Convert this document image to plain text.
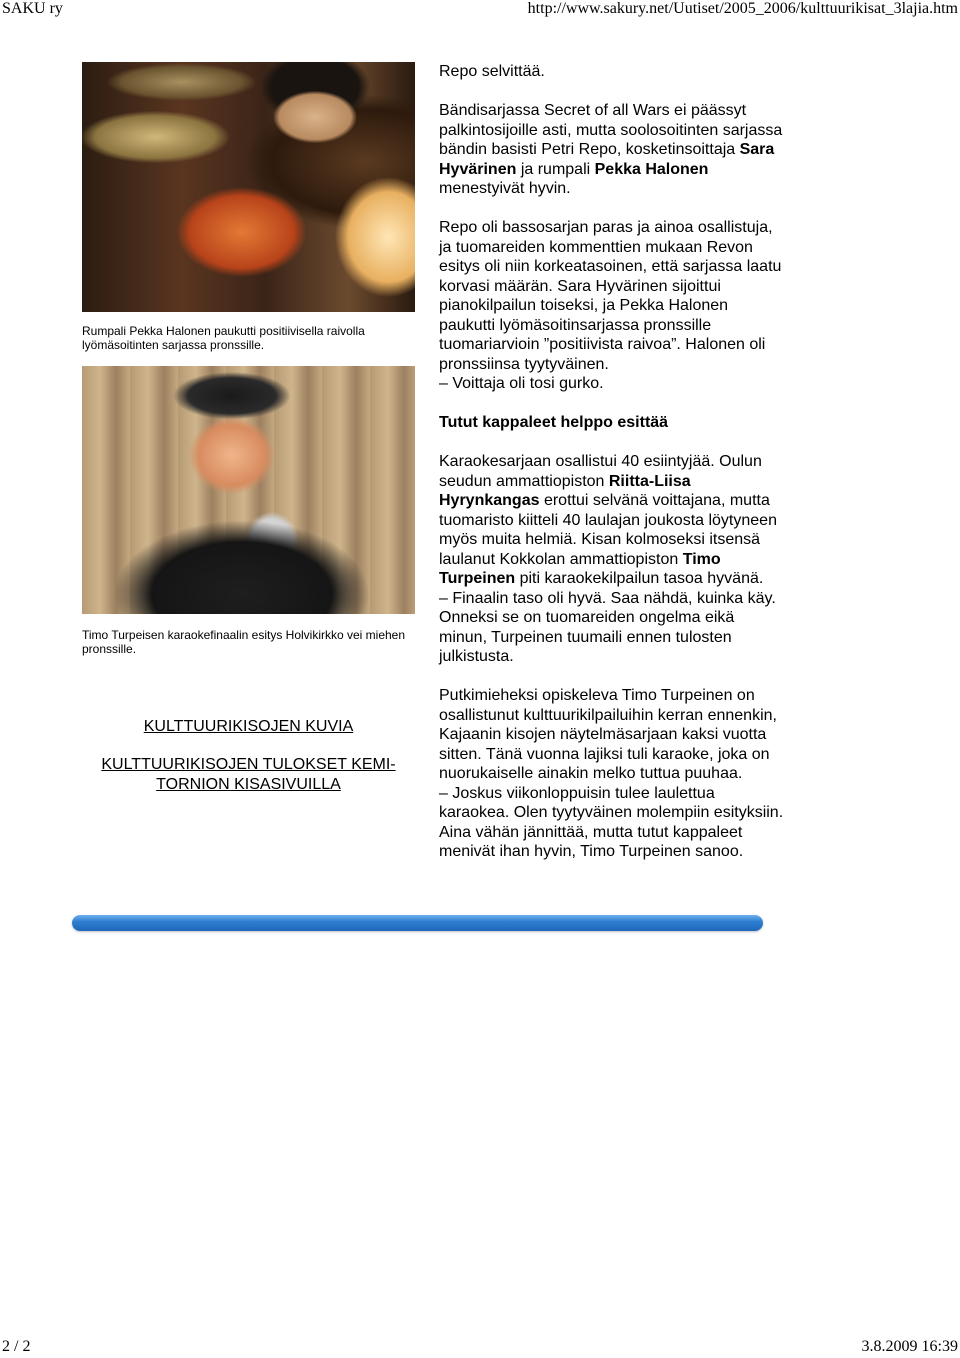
SAKU ry	http://www.sakury.net/Uutiset/2005_2006/kulttuurikisat_3lajia.htm
Rumpali Pekka Halonen paukutti positiivisella raivolla lyömäsoitinten sarjassa pronssille.
Timo Turpeisen karaokefinaalin esitys Holvikirkko vei miehen pronssille.
KULTTUURIKISOJEN KUVIA
KULTTUURIKISOJEN TULOKSET KEMI-TORNION KISASIVUILLA

Repo selvittää.

Bändisarjassa Secret of all Wars ei päässyt palkintosijoille asti, mutta soolosoitinten sarjassa bändin basisti Petri Repo, kosketinsoittaja Sara Hyvärinen ja rumpali Pekka Halonen menestyivät hyvin.

Repo oli bassosarjan paras ja ainoa osallistuja, ja tuomareiden kommenttien mukaan Revon esitys oli niin korkeatasoinen, että sarjassa laatu korvasi määrän. Sara Hyvärinen sijoittui pianokilpailun toiseksi, ja Pekka Halonen paukutti lyömäsoitinsarjassa pronssille tuomariarvioin ”positiivista raivoa”. Halonen oli pronssiinsa tyytyväinen.

– Voittaja oli tosi gurko.

Tutut kappaleet helppo esittää

Karaokesarjaan osallistui 40 esiintyjää. Oulun seudun ammattiopiston Riitta-Liisa Hyrynkangas erottui selvänä voittajana, mutta tuomaristo kiitteli 40 laulajan joukosta löytyneen myös muita helmiä. Kisan kolmoseksi itsensä laulanut Kokkolan ammattiopiston Timo Turpeinen piti karaokekilpailun tasoa hyvänä.

– Finaalin taso oli hyvä. Saa nähdä, kuinka käy. Onneksi se on tuomareiden ongelma eikä minun, Turpeinen tuumaili ennen tulosten julkistusta.

Putkimieheksi opiskeleva Timo Turpeinen on osallistunut kulttuurikilpailuihin kerran ennenkin, Kajaanin kisojen näytelmäsarjaan kaksi vuotta sitten. Tänä vuonna lajiksi tuli karaoke, joka on nuorukaiselle ainakin melko tuttua puuhaa.

– Joskus viikonloppuisin tulee laulettua karaokea. Olen tyytyväinen molempiin esityksiin. Aina vähän jännittää, mutta tutut kappaleet menivät ihan hyvin, Timo Turpeinen sanoo.

2 / 2	3.8.2009 16:39
